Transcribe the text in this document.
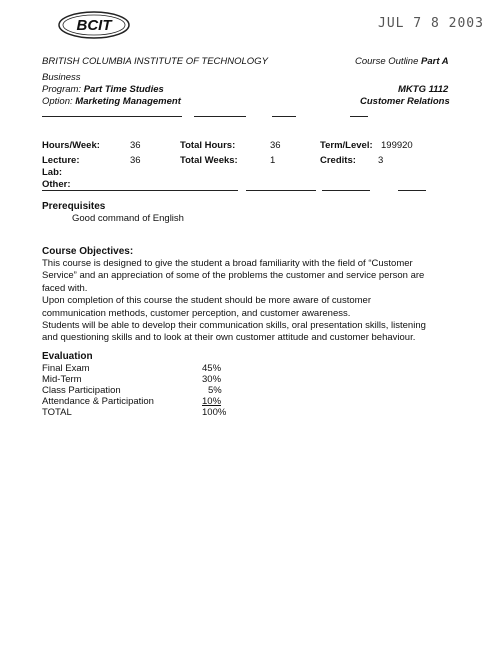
BCIT	JUL 7 8 2003
BRITISH COLUMBIA INSTITUTE OF TECHNOLOGY	Course Outline Part A
Business
Program: Part Time Studies	MKTG 1112
Option: Marketing Management	Customer Relations
Hours/Week:	36	Total Hours:	36	Term/Level: 199920
Lecture:	36	Total Weeks:	1	Credits: 3
Lab:
Other:
Prerequisites
Good command of English
Course Objectives:
This course is designed to give the student a broad familiarity with the field of “Customer
Service” and an appreciation of some of the problems the customer and service person are
faced with.
Upon completion of this course the student should be more aware of customer
communication methods, customer perception, and customer awareness.
Students will be able to develop their communication skills, oral presentation skills, listening
and questioning skills and to look at their own customer attitude and customer behaviour.
Evaluation
Final Exam	45%
Mid-Term	30%
Class Participation	5%
Attendance & Participation	10%
TOTAL	100%
